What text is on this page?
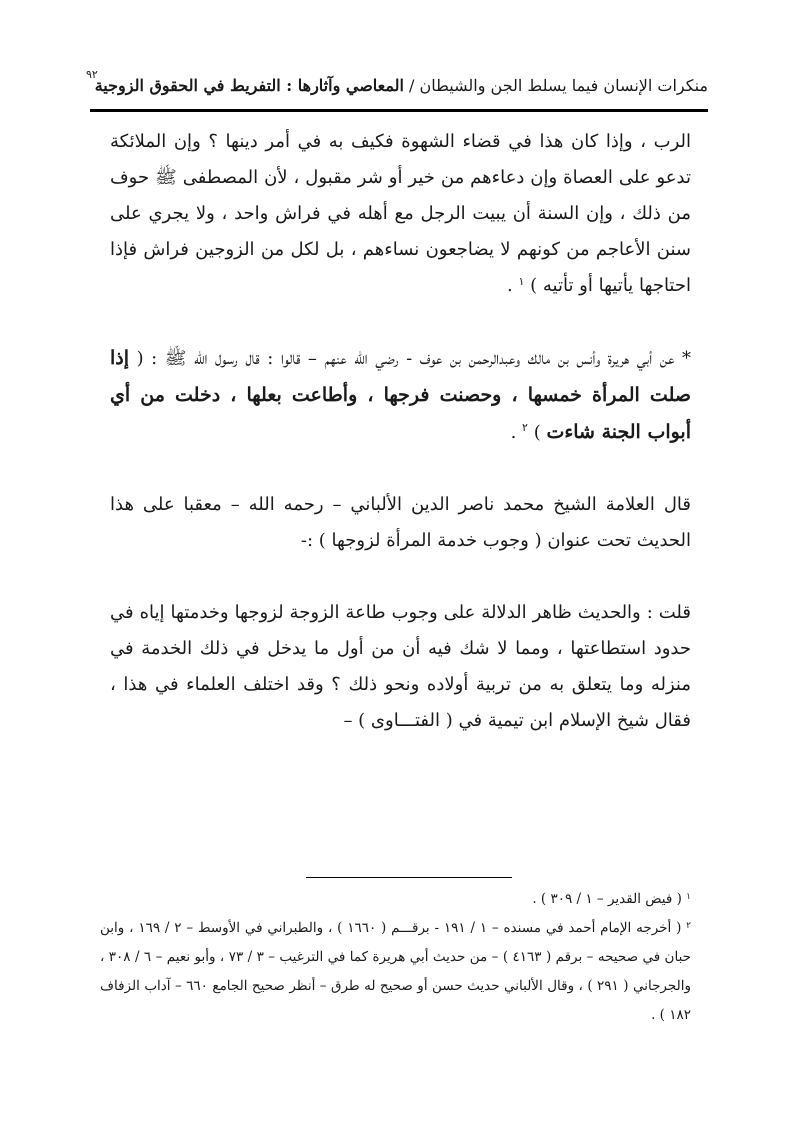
منكرات الإنسان فيما يسلط الجن والشيطان / المعاصي وآثارها : التفريط في الحقوق الزوجية
٩٢

الرب ، وإذا كان هذا في قضاء الشهوة فكيف به في أمر دينها ؟ وإن الملائكة تدعو على العصاة وإن دعاءهم من خير أو شر مقبول ، لأن المصطفى ﷺ حوف من ذلك ، وإن السنة أن يبيت الرجل مع أهله في فراش واحد ، ولا يجري على سنن الأعاجم من كونهم لا يضاجعون نساءهم ، بل لكل من الزوجين فراش فإذا احتاجها يأتيها أو تأتيه ) $^١$ .

* عن أبي هريرة وأنس بن مالك وعبدالرحمن بن عوف - رضي الله عنهم – قالوا : قال رسول الله ﷺ : ( إذا صلت المرأة خمسها ، وحصنت فرجها ، وأطاعت بعلها ، دخلت من أي أبواب الجنة شاءت ) $^٢$ .

قال العلامة الشيخ محمد ناصر الدين الألباني – رحمه الله – معقبا على هذا الحديث تحت عنوان ( وجوب خدمة المرأة لزوجها ) :-

قلت : والحديث ظاهر الدلالة على وجوب طاعة الزوجة لزوجها وخدمتها إياه في حدود استطاعتها ، ومما لا شك فيه أن من أول ما يدخل في ذلك الخدمة في منزله وما يتعلق به من تربية أولاده ونحو ذلك ؟ وقد اختلف العلماء في هذا ، فقال شيخ الإسلام ابن تيمية في ( الفتـــاوى ) –

$^١$ ( فيض القدير – ١ / ٣٠٩ ) .

$^٢$ ( أخرجه الإمام أحمد في مسنده – ١ / ١٩١ - برقـــم ( ١٦٦٠ ) ، والطبراني في الأوسط – ٢ / ١٦٩ ، وابن حبان في صحيحه – برقم ( ٤١٦٣ ) – من حديث أبي هريرة كما في الترغيب – ٣ / ٧٣ ، وأبو نعيم – ٦ / ٣٠٨ ، والجرجاني ( ٢٩١ ) ، وقال الألباني حديث حسن أو صحيح له طرق – أنظر صحيح الجامع ٦٦٠ – آداب الزفاف ١٨٢ ) .
